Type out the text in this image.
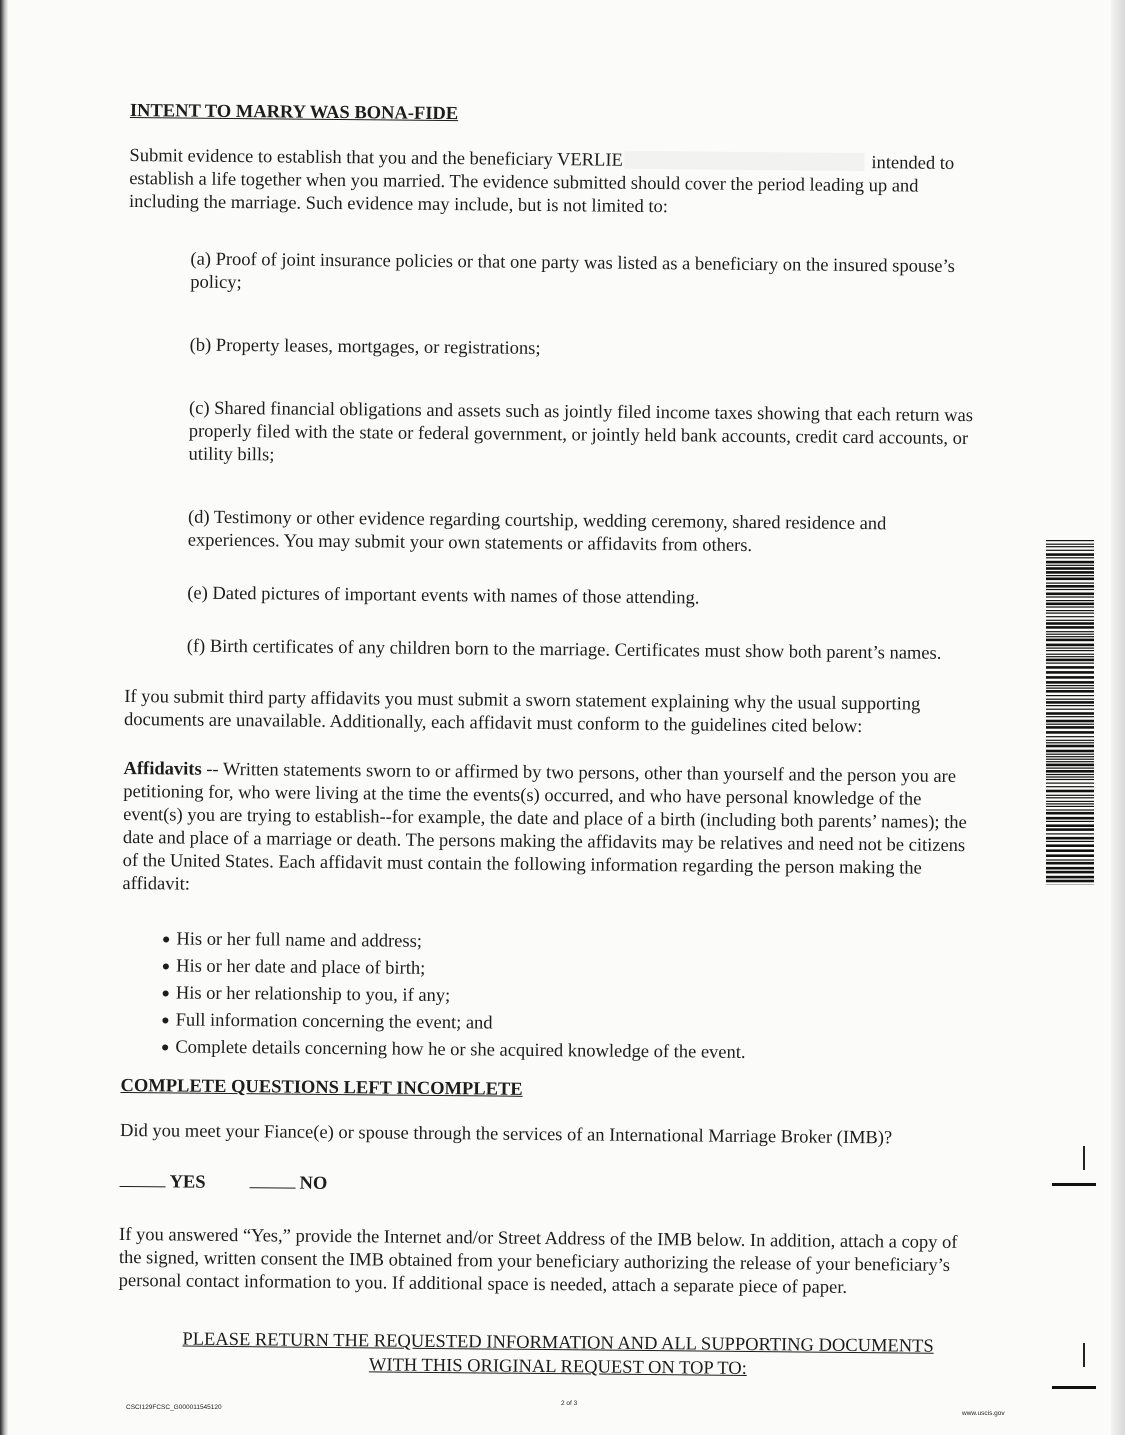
INTENT TO MARRY WAS BONA-FIDE

Submit evidence to establish that you and the beneficiary VERLIE	intended to establish a life together when you married. The evidence submitted should cover the period leading up and including the marriage. Such evidence may include, but is not limited to:

(a) Proof of joint insurance policies or that one party was listed as a beneficiary on the insured spouse’s policy;

(b) Property leases, mortgages, or registrations;

(c) Shared financial obligations and assets such as jointly filed income taxes showing that each return was properly filed with the state or federal government, or jointly held bank accounts, credit card accounts, or utility bills;

(d) Testimony or other evidence regarding courtship, wedding ceremony, shared residence and experiences. You may submit your own statements or affidavits from others.

(e) Dated pictures of important events with names of those attending.

(f) Birth certificates of any children born to the marriage. Certificates must show both parent’s names.

If you submit third party affidavits you must submit a sworn statement explaining why the usual supporting documents are unavailable. Additionally, each affidavit must conform to the guidelines cited below:

Affidavits -- Written statements sworn to or affirmed by two persons, other than yourself and the person you are petitioning for, who were living at the time the events(s) occurred, and who have personal knowledge of the event(s) you are trying to establish--for example, the date and place of a birth (including both parents’ names); the date and place of a marriage or death. The persons making the affidavits may be relatives and need not be citizens of the United States. Each affidavit must contain the following information regarding the person making the affidavit:

● His or her full name and address;
● His or her date and place of birth;
● His or her relationship to you, if any;
● Full information concerning the event; and
● Complete details concerning how he or she acquired knowledge of the event.
COMPLETE QUESTIONS LEFT INCOMPLETE

Did you meet your Fiance(e) or spouse through the services of an International Marriage Broker (IMB)?

YES	NO

If you answered “Yes,” provide the Internet and/or Street Address of the IMB below. In addition, attach a copy of the signed, written consent the IMB obtained from your beneficiary authorizing the release of your beneficiary’s personal contact information to you. If additional space is needed, attach a separate piece of paper.

PLEASE RETURN THE REQUESTED INFORMATION AND ALL SUPPORTING DOCUMENTS
WITH THIS ORIGINAL REQUEST ON TOP TO:
CSCI129FCSC_G000011545120
2 of 3
www.uscis.gov
